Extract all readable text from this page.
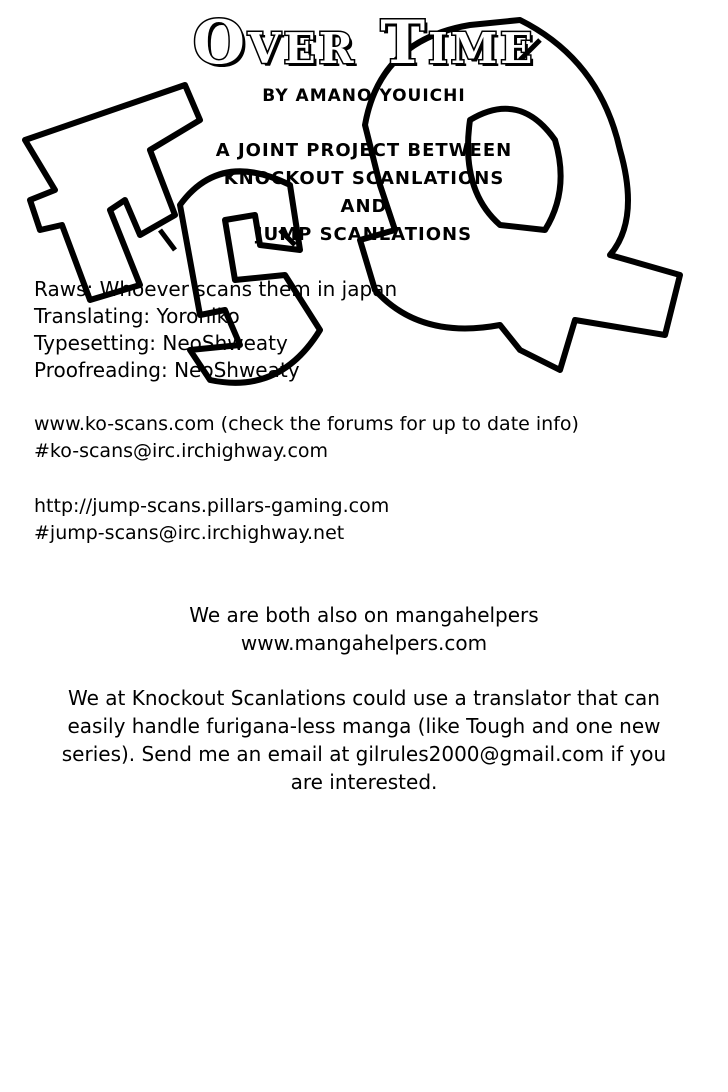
Over Time
BY AMANO YOUICHI
A JOINT PROJECT BETWEEN
KNOCKOUT SCANLATIONS
AND
JUMP SCANLATIONS
Raws: Whoever scans them in japan
Translating: Yoroniko
Typesetting: NeoShweaty
Proofreading: NeoShweaty
www.ko-scans.com (check the forums for up to date info)
#ko-scans@irc.irchighway.com
http://jump-scans.pillars-gaming.com
#jump-scans@irc.irchighway.net
We are both also on mangahelpers
www.mangahelpers.com
We at Knockout Scanlations could use a translator that can
easily handle furigana-less manga (like Tough and one new
series). Send me an email at gilrules2000@gmail.com if you
are interested.
